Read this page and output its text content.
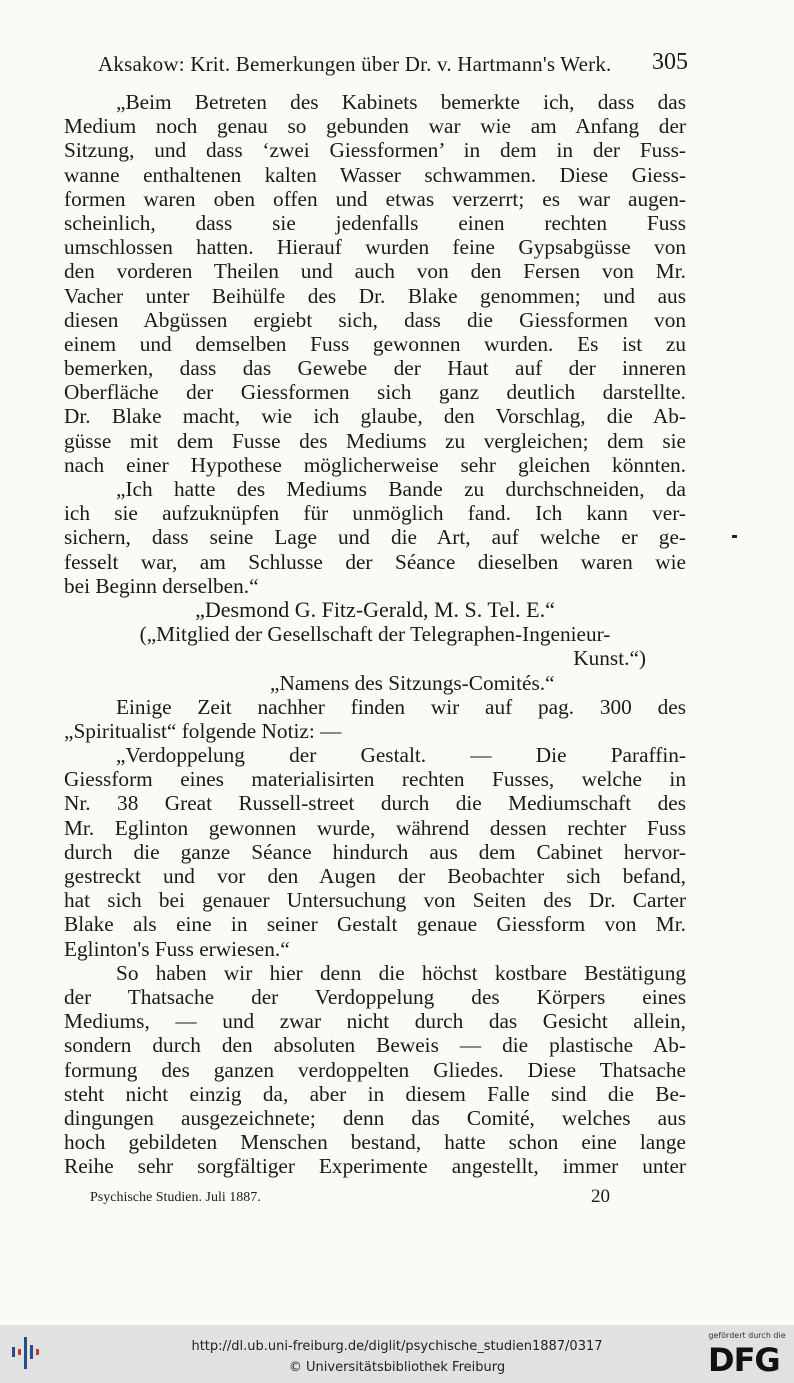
Aksakow: Krit. Bemerkungen über Dr. v. Hartmann's Werk. 305
„Beim Betreten des Kabinets bemerkte ich, dass das
Medium noch genau so gebunden war wie am Anfang der
Sitzung, und dass ‘zwei Giessformen’ in dem in der Fuss-
wanne enthaltenen kalten Wasser schwammen. Diese Giess-
formen waren oben offen und etwas verzerrt; es war augen-
scheinlich, dass sie jedenfalls einen rechten Fuss
umschlossen hatten. Hierauf wurden feine Gypsabgüsse von
den vorderen Theilen und auch von den Fersen von Mr.
Vacher unter Beihülfe des Dr. Blake genommen; und aus
diesen Abgüssen ergiebt sich, dass die Giessformen von
einem und demselben Fuss gewonnen wurden. Es ist zu
bemerken, dass das Gewebe der Haut auf der inneren
Oberfläche der Giessformen sich ganz deutlich darstellte.
Dr. Blake macht, wie ich glaube, den Vorschlag, die Ab-
güsse mit dem Fusse des Mediums zu vergleichen; dem sie
nach einer Hypothese möglicherweise sehr gleichen könnten.
„Ich hatte des Mediums Bande zu durchschneiden, da
ich sie aufzuknüpfen für unmöglich fand. Ich kann ver-
sichern, dass seine Lage und die Art, auf welche er ge-
fesselt war, am Schlusse der Séance dieselben waren wie
bei Beginn derselben.“
„Desmond G. Fitz-Gerald, M. S. Tel. E.“
(„Mitglied der Gesellschaft der Telegraphen-Ingenieur-
Kunst.“)
„Namens des Sitzungs-Comités.“
Einige Zeit nachher finden wir auf pag. 300 des
„Spiritualist“ folgende Notiz: —
„Verdoppelung der Gestalt. — Die Paraffin-
Giessform eines materialisirten rechten Fusses, welche in
Nr. 38 Great Russell-street durch die Mediumschaft des
Mr. Eglinton gewonnen wurde, während dessen rechter Fuss
durch die ganze Séance hindurch aus dem Cabinet hervor-
gestreckt und vor den Augen der Beobachter sich befand,
hat sich bei genauer Untersuchung von Seiten des Dr. Carter
Blake als eine in seiner Gestalt genaue Giessform von Mr.
Eglinton's Fuss erwiesen.“
So haben wir hier denn die höchst kostbare Bestätigung
der Thatsache der Verdoppelung des Körpers eines
Mediums, — und zwar nicht durch das Gesicht allein,
sondern durch den absoluten Beweis — die plastische Ab-
formung des ganzen verdoppelten Gliedes. Diese Thatsache
steht nicht einzig da, aber in diesem Falle sind die Be-
dingungen ausgezeichnete; denn das Comité, welches aus
hoch gebildeten Menschen bestand, hatte schon eine lange
Reihe sehr sorgfältiger Experimente angestellt, immer unter
Psychische Studien. Juli 1887.	20
http://dl.ub.uni-freiburg.de/diglit/psychische_studien1887/0317
© Universitätsbibliothek Freiburg
gefördert durch die
DFG
